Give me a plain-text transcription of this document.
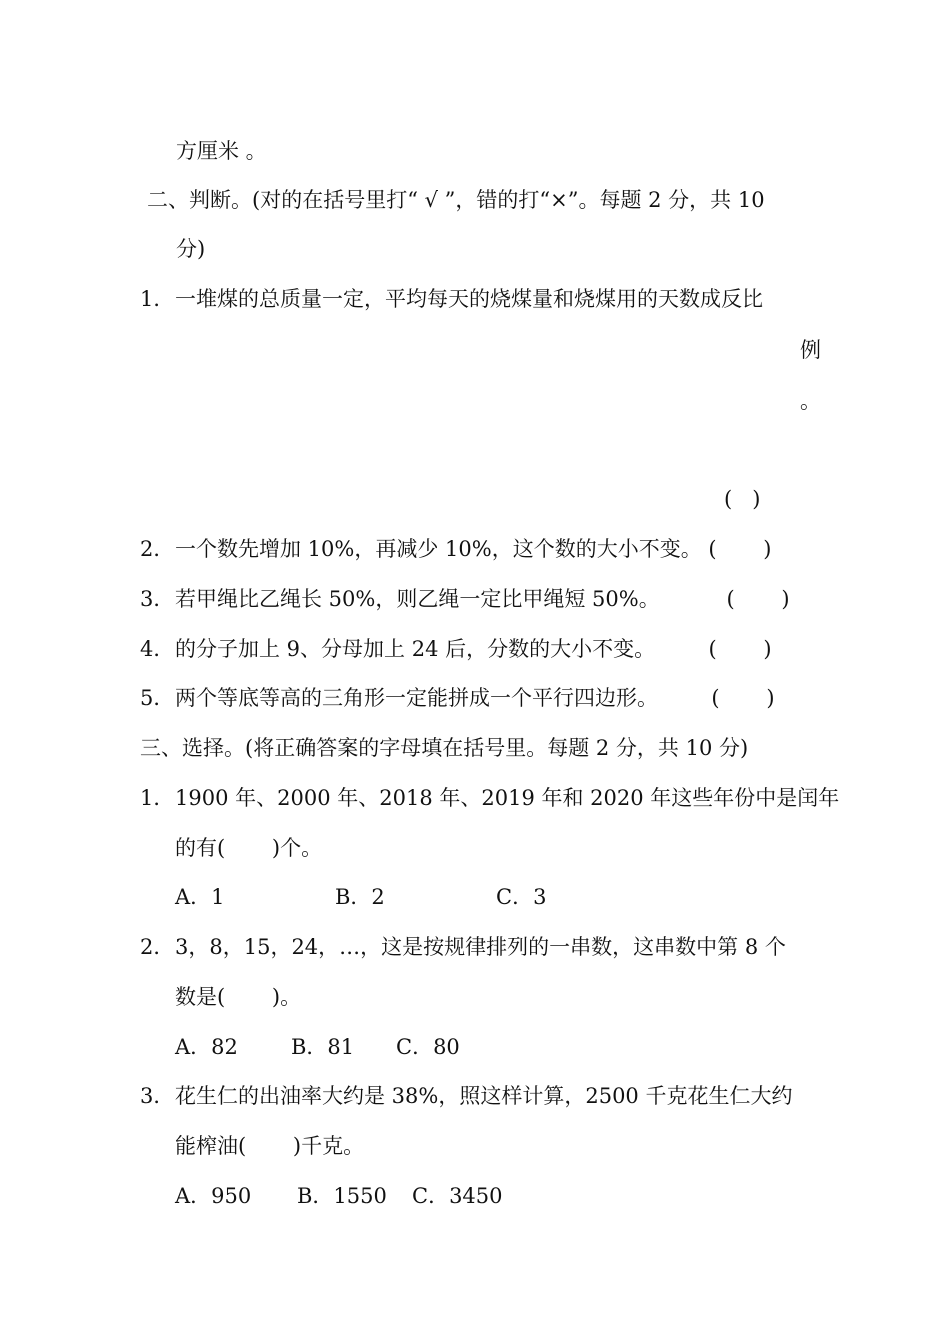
方厘米 。
二、判断。(对的在括号里打“ √ ”，错的打“×”。每题 2 分，共 10
分)
1． 一堆煤的总质量一定，平均每天的烧煤量和烧煤用的天数成反比
例
。
(   )
2． 一个数先增加 10%，再减少 10%，这个数的大小不变。 (       )
3． 若甲绳比乙绳长 50%，则乙绳一定比甲绳短 50%。          (       )
4． 的分子加上 9、分母加上 24 后，分数的大小不变。        (       )
5． 两个等底等高的三角形一定能拼成一个平行四边形。        (       )
三、选择。(将正确答案的字母填在括号里。每题 2 分，共 10 分)
1． 1900 年、2000 年、2018 年、2019 年和 2020 年这些年份中是闰年
的有(       )个。
A．1	B．2	C．3
2． 3，8，15，24，…，这是按规律排列的一串数，这串数中第 8 个
数是(       )。
A．82	B．81 C．80
3． 花生仁的出油率大约是 38%，照这样计算，2500 千克花生仁大约
能榨油(       )千克。
A．950 B．1550 C．3450
